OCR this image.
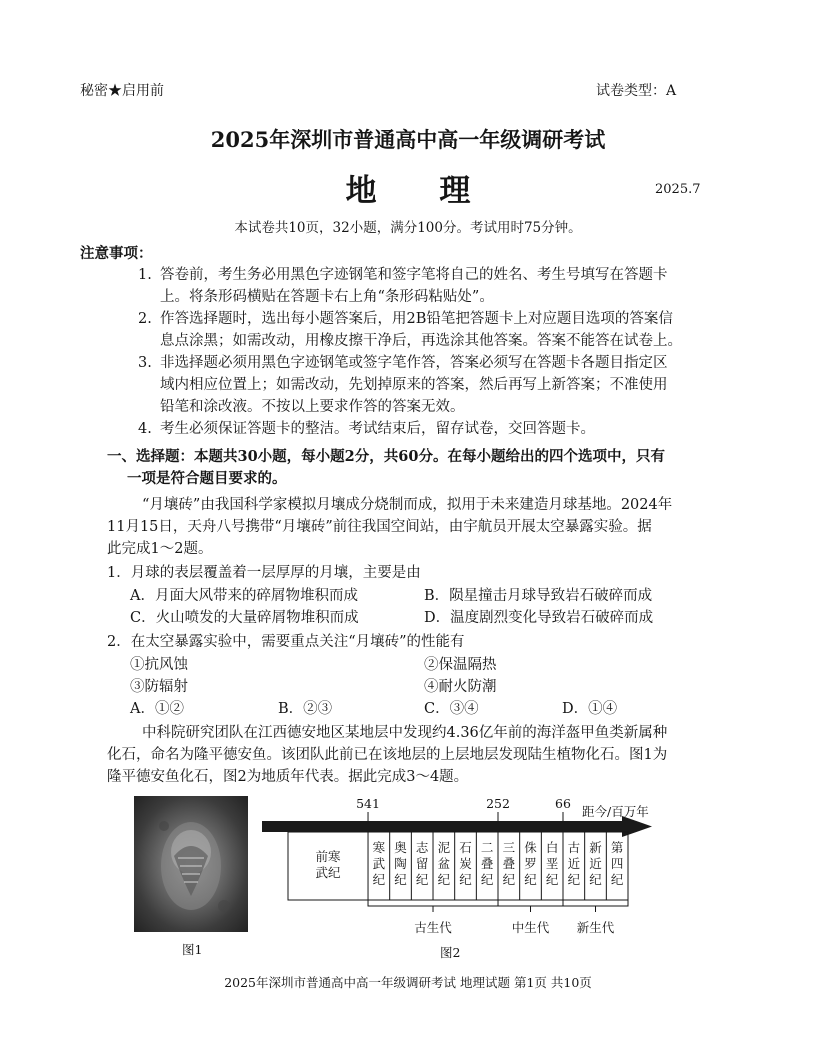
秘密★启用前	试卷类型：A
2025年深圳市普通高中高一年级调研考试
地 理	2025.7
本试卷共10页，32小题，满分100分。考试用时75分钟。
注意事项：
1. 答卷前，考生务必用黑色字迹钢笔和签字笔将自己的姓名、考生号填写在答题卡
上。将条形码横贴在答题卡右上角“条形码粘贴处”。
2. 作答选择题时，选出每小题答案后，用2B铅笔把答题卡上对应题目选项的答案信
息点涂黑；如需改动，用橡皮擦干净后，再选涂其他答案。答案不能答在试卷上。
3. 非选择题必须用黑色字迹钢笔或签字笔作答，答案必须写在答题卡各题目指定区
域内相应位置上；如需改动，先划掉原来的答案，然后再写上新答案；不准使用
铅笔和涂改液。不按以上要求作答的答案无效。
4. 考生必须保证答题卡的整洁。考试结束后，留存试卷，交回答题卡。
一、选择题：本题共30小题，每小题2分，共60分。在每小题给出的四个选项中，只有
一项是符合题目要求的。
“月壤砖”由我国科学家模拟月壤成分烧制而成，拟用于未来建造月球基地。2024年
11月15日，天舟八号携带“月壤砖”前往我国空间站，由宇航员开展太空暴露实验。据
此完成1～2题。
1．月球的表层覆盖着一层厚厚的月壤，主要是由
A．月面大风带来的碎屑物堆积而成	B．陨星撞击月球导致岩石破碎而成
C．火山喷发的大量碎屑物堆积而成	D．温度剧烈变化导致岩石破碎而成
2．在太空暴露实验中，需要重点关注“月壤砖”的性能有
①抗风蚀	②保温隔热
③防辐射	④耐火防潮
A．①②	B．②③	C．③④	D．①④
中科院研究团队在江西德安地区某地层中发现约4.36亿年前的海洋盔甲鱼类新属种
化石，命名为隆平德安鱼。该团队此前已在该地层的上层地层发现陆生植物化石。图1为
隆平德安鱼化石，图2为地质年代表。据此完成3～4题。
图1
541	252	66
距今/百万年
前寒武纪
寒武纪
奥陶纪
志留纪
泥盆纪
石炭纪
二叠纪
三叠纪
侏罗纪
白垩纪
古近纪
新近纪
第四纪
古生代	中生代 新生代
图2
2025年深圳市普通高中高一年级调研考试 地理试题 第1页 共10页
